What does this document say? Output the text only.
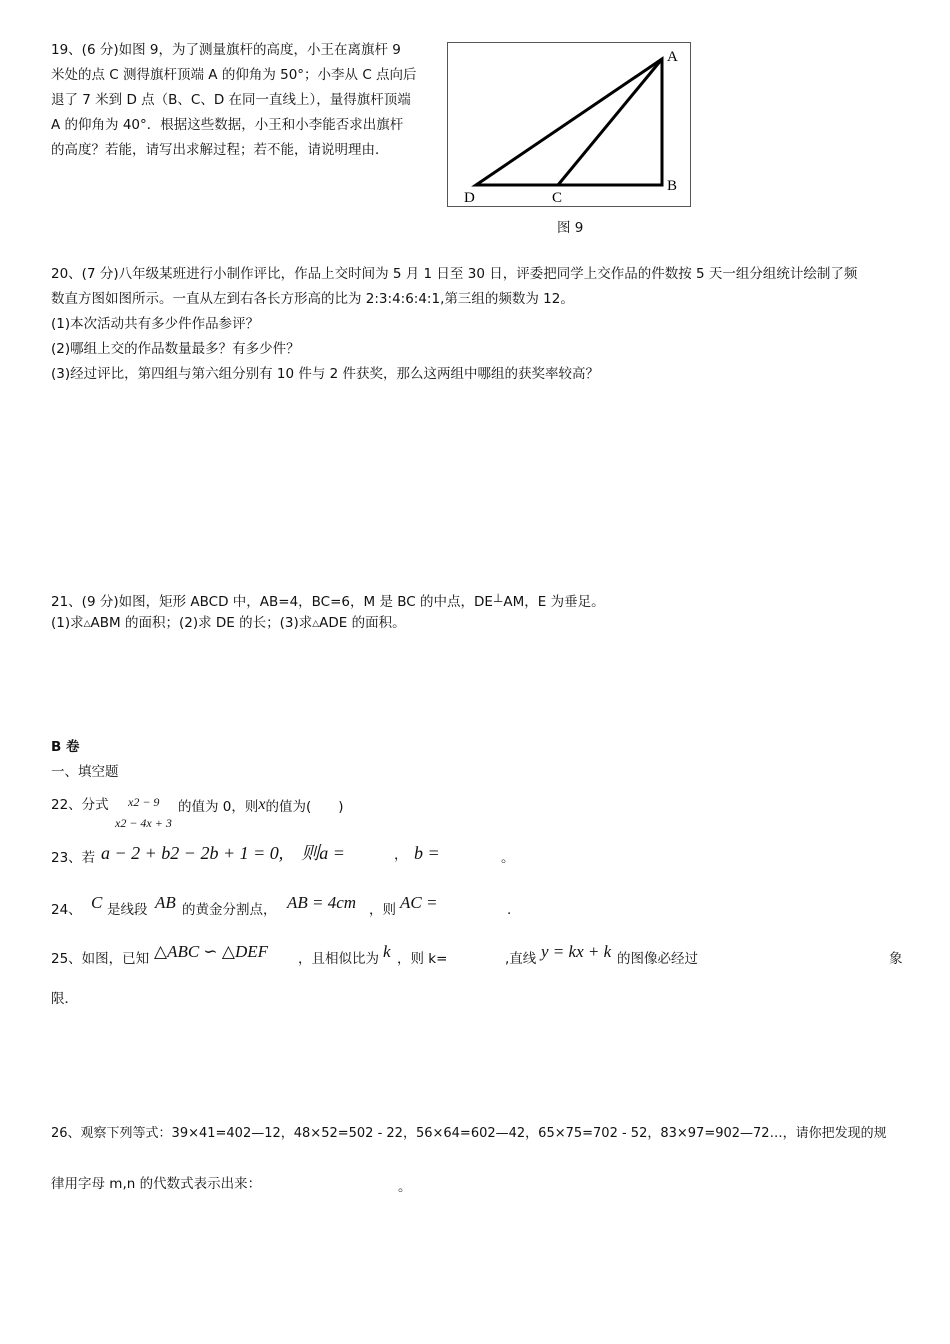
19、(6 分)如图 9，为了测量旗杆的高度，小王在离旗杆 9
米处的点 C 测得旗杆顶端 A 的仰角为 50°；小李从 C 点向后
退了 7 米到 D 点（B、C、D 在同一直线上），量得旗杆顶端
A 的仰角为 40°．根据这些数据，小王和小李能否求出旗杆
的高度？若能，请写出求解过程；若不能，请说明理由．
A
B
C
D
图 9
20、(7 分)八年级某班进行小制作评比，作品上交时间为 5 月 1 日至 30 日，评委把同学上交作品的件数按 5 天一组分组统计绘制了频
数直方图如图所示。一直从左到右各长方形高的比为 2:3:4:6:4:1,第三组的频数为 12。
(1)本次活动共有多少件作品参评？
(2)哪组上交的作品数量最多？有多少件？
(3)经过评比，第四组与第六组分别有 10 件与 2 件获奖，那么这两组中哪组的获奖率较高？
21、(9 分)如图，矩形 ABCD 中，AB=4，BC=6，M 是 BC 的中点，DE⊥AM，E 为垂足。
(1)求△ABM 的面积；(2)求 DE 的长；(3)求△ADE 的面积。
B 卷
一、填空题
22、分式 x2 − 9
x2 − 4x + 3
的值为 0，则x的值为(　　)
23、若 a − 2 + b2 − 2b + 1 = 0,　则a =	， b =	。
24、 C 是线段 AB 的黄金分割点， AB = 4cm ，则 AC =	.
25、如图，已知 △ABC ∽ △DEF ，且相似比为 k ，则 k=	,直线 y = kx + k 的图像必经过	象
限．
26、观察下列等式：39×41=402—12，48×52=502 - 22，56×64=602—42，65×75=702 - 52，83×97=902—72…，请你把发现的规
律用字母 m,n 的代数式表示出来：	。
